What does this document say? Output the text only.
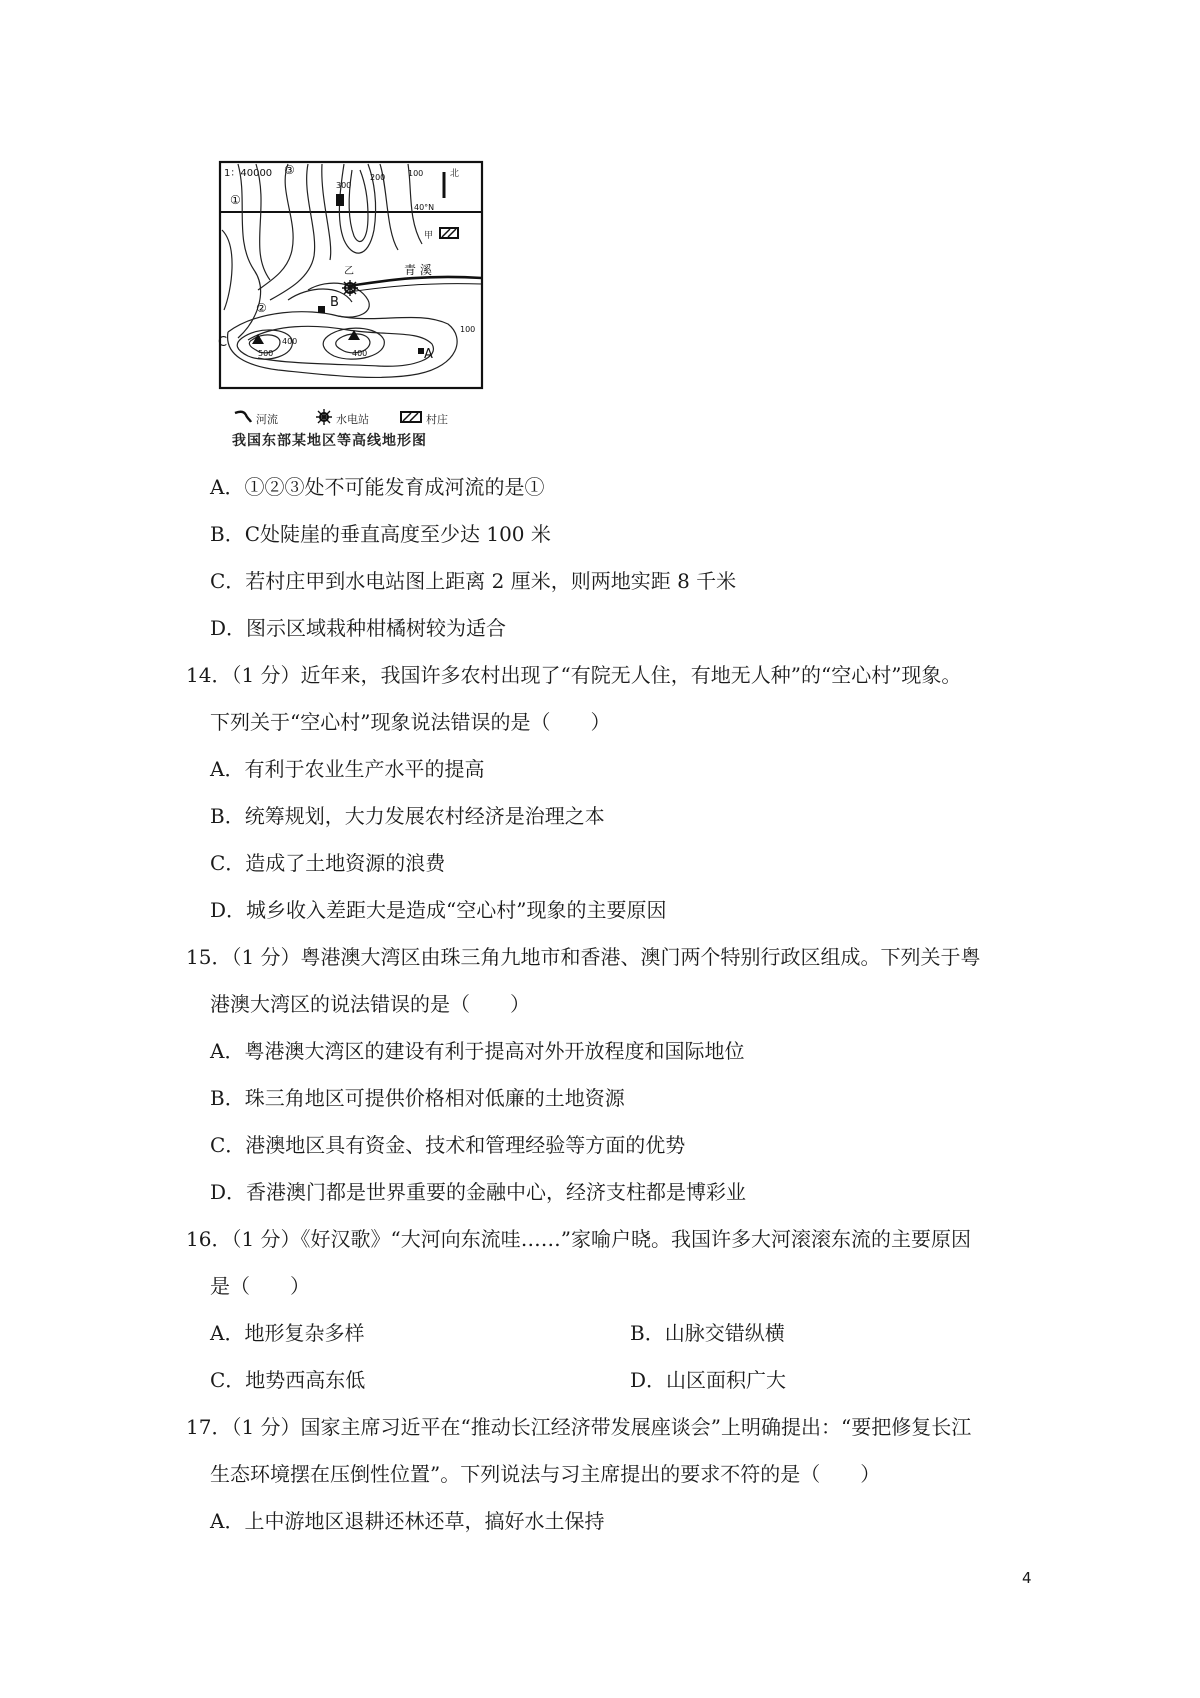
1：40000	北
40°N
甲
青 溪
乙
300
200	100
400
500	400
100
①
②
③
A
B
C
河流	水电站	村庄
我国东部某地区等高线地形图
A．①②③处不可能发育成河流的是①
B．C处陡崖的垂直高度至少达 100 米
C．若村庄甲到水电站图上距离 2 厘米，则两地实距 8 千米
D．图示区域栽种柑橘树较为适合
14．（1 分）近年来，我国许多农村出现了“有院无人住，有地无人种”的“空心村”现象。
下列关于“空心村”现象说法错误的是（　　）
A．有利于农业生产水平的提高
B．统筹规划，大力发展农村经济是治理之本
C．造成了土地资源的浪费
D．城乡收入差距大是造成“空心村”现象的主要原因
15．（1 分）粤港澳大湾区由珠三角九地市和香港、澳门两个特别行政区组成。下列关于粤
港澳大湾区的说法错误的是（　　）
A．粤港澳大湾区的建设有利于提高对外开放程度和国际地位
B．珠三角地区可提供价格相对低廉的土地资源
C．港澳地区具有资金、技术和管理经验等方面的优势
D．香港澳门都是世界重要的金融中心，经济支柱都是博彩业
16．（1 分）《好汉歌》“大河向东流哇……”家喻户晓。我国许多大河滚滚东流的主要原因
是（　　）
A．地形复杂多样	B．山脉交错纵横
C．地势西高东低	D．山区面积广大
17．（1 分）国家主席习近平在“推动长江经济带发展座谈会”上明确提出：“要把修复长江
生态环境摆在压倒性位置”。下列说法与习主席提出的要求不符的是（　　）
A．上中游地区退耕还林还草，搞好水土保持
4
